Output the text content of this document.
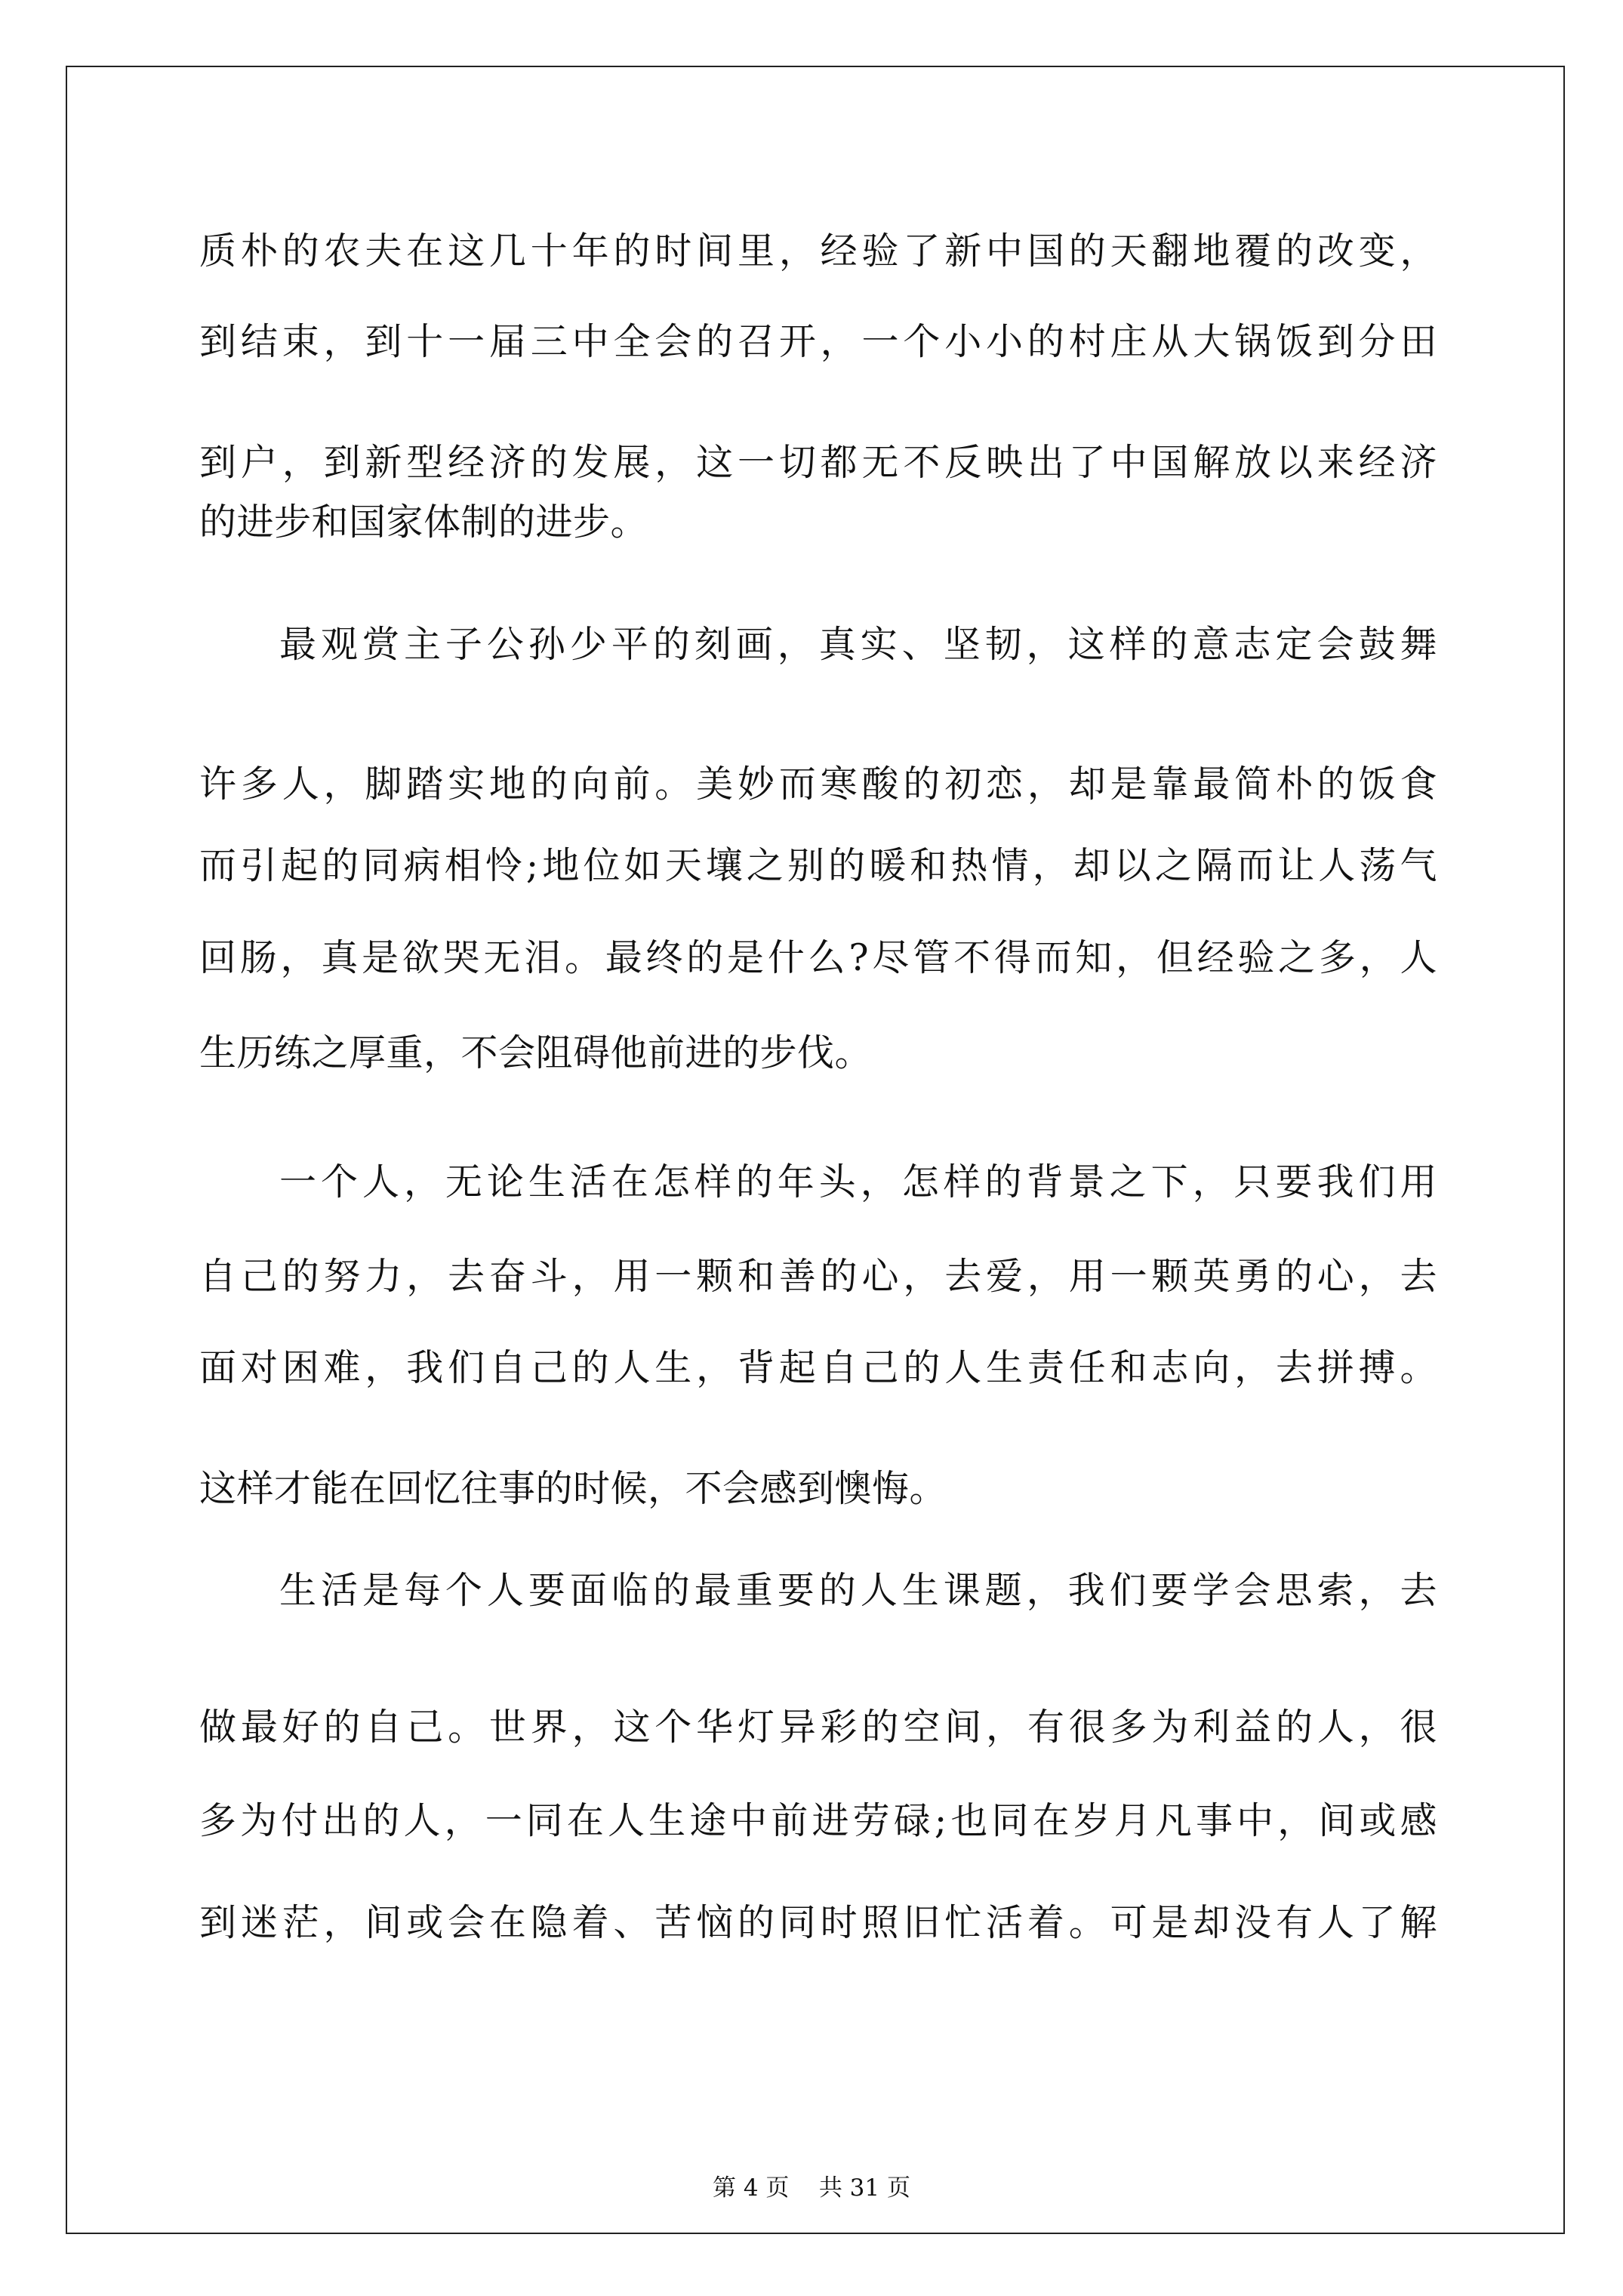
质朴的农夫在这几十年的时间里，经验了新中国的天翻地覆的改变，
到结束，到十一届三中全会的召开，一个小小的村庄从大锅饭到分田
到户，到新型经济的发展，这一切都无不反映出了中国解放以来经济
的进步和国家体制的进步。
最观赏主子公孙少平的刻画，真实、坚韧，这样的意志定会鼓舞
许多人，脚踏实地的向前。美妙而寒酸的初恋，却是靠最简朴的饭食
而引起的同病相怜;地位如天壤之别的暖和热情，却以之隔而让人荡气
回肠，真是欲哭无泪。最终的是什么?尽管不得而知，但经验之多，人
生历练之厚重，不会阻碍他前进的步伐。
一个人，无论生活在怎样的年头，怎样的背景之下，只要我们用
自己的努力，去奋斗，用一颗和善的心，去爱，用一颗英勇的心，去
面对困难，我们自己的人生，背起自己的人生责任和志向，去拼搏。
这样才能在回忆往事的时候，不会感到懊悔。
生活是每个人要面临的最重要的人生课题，我们要学会思索，去
做最好的自己。世界，这个华灯异彩的空间，有很多为利益的人，很
多为付出的人，一同在人生途中前进劳碌;也同在岁月凡事中，间或感
到迷茫，间或会在隐着、苦恼的同时照旧忙活着。可是却没有人了解
第 4 页    共 31 页
